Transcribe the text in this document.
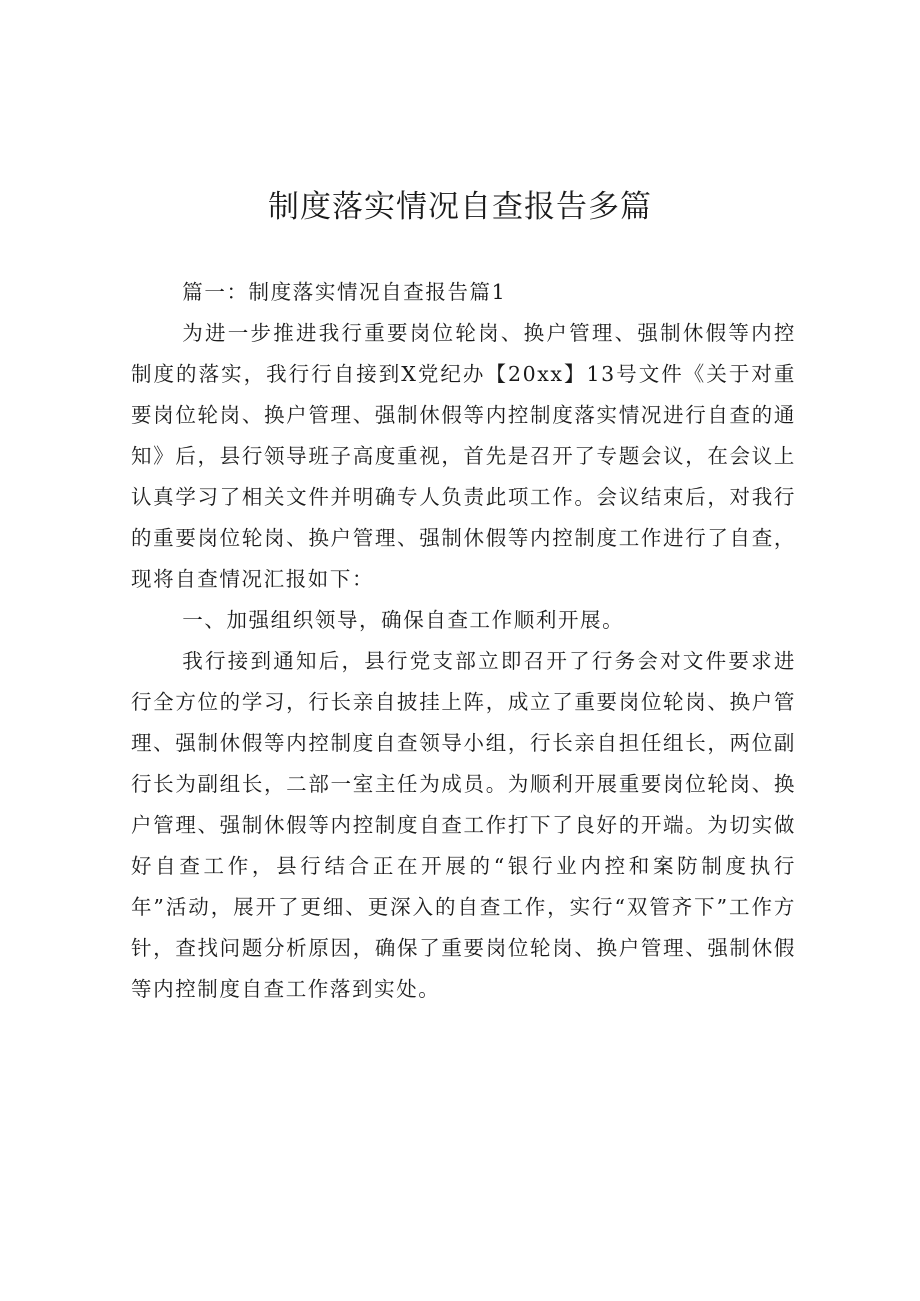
制度落实情况自查报告多篇

篇一：制度落实情况自查报告篇1

为进一步推进我行重要岗位轮岗、换户管理、强制休假等内控制度的落实，我行行自接到X党纪办【20xx】13号文件《关于对重要岗位轮岗、换户管理、强制休假等内控制度落实情况进行自查的通知》后，县行领导班子高度重视，首先是召开了专题会议，在会议上认真学习了相关文件并明确专人负责此项工作。会议结束后，对我行的重要岗位轮岗、换户管理、强制休假等内控制度工作进行了自查，现将自查情况汇报如下：

一、加强组织领导，确保自查工作顺利开展。

我行接到通知后，县行党支部立即召开了行务会对文件要求进行全方位的学习，行长亲自披挂上阵，成立了重要岗位轮岗、换户管理、强制休假等内控制度自查领导小组，行长亲自担任组长，两位副行长为副组长，二部一室主任为成员。为顺利开展重要岗位轮岗、换户管理、强制休假等内控制度自查工作打下了良好的开端。为切实做好自查工作，县行结合正在开展的“银行业内控和案防制度执行年”活动，展开了更细、更深入的自查工作，实行“双管齐下”工作方针，查找问题分析原因，确保了重要岗位轮岗、换户管理、强制休假等内控制度自查工作落到实处。
